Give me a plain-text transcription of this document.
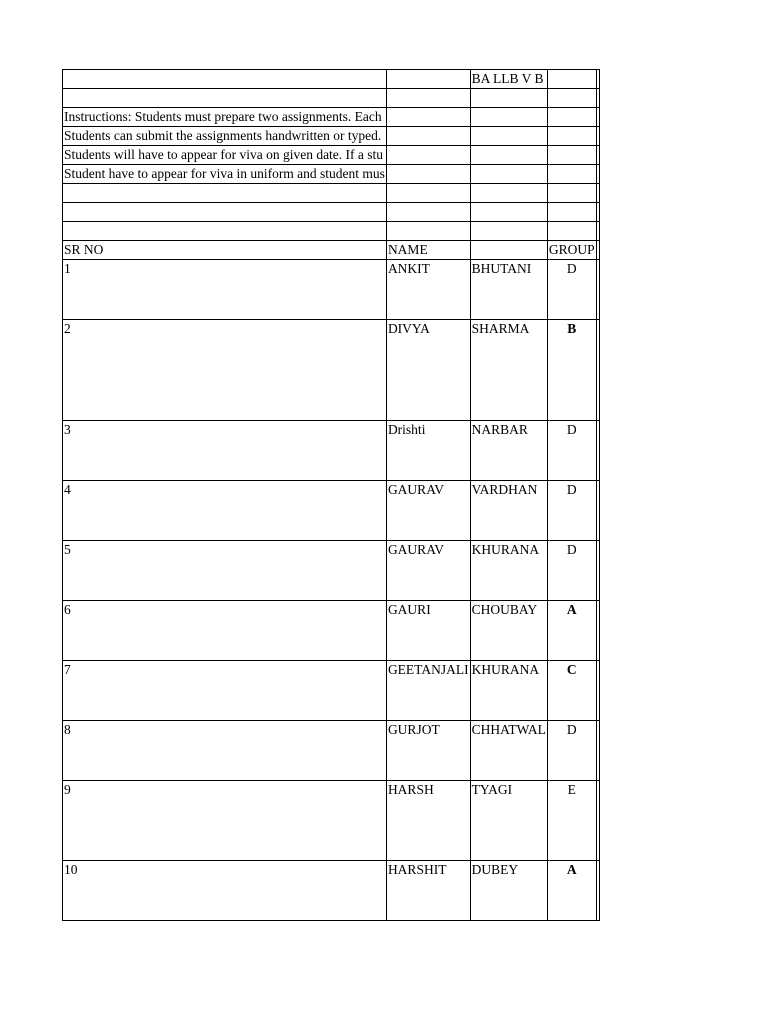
		BA LLB V B		

Instructions: Students must prepare two assignments. Each				
Students can submit the assignments handwritten or typed.				
Students will have to appear for viva on given date. If a stu				
Student have to appear for viva in uniform and student mus				

SR NO	NAME		GROUP	
1	ANKIT	BHUTANI	D	
2	DIVYA	SHARMA	B	
3	Drishti	NARBAR	D	
4	GAURAV	VARDHAN	D	
5	GAURAV	KHURANA	D	
6	GAURI	CHOUBAY	A	
7	GEETANJALI	KHURANA	C	
8	GURJOT	CHHATWAL	D	
9	HARSH	TYAGI	E	
10	HARSHIT	DUBEY	A	
